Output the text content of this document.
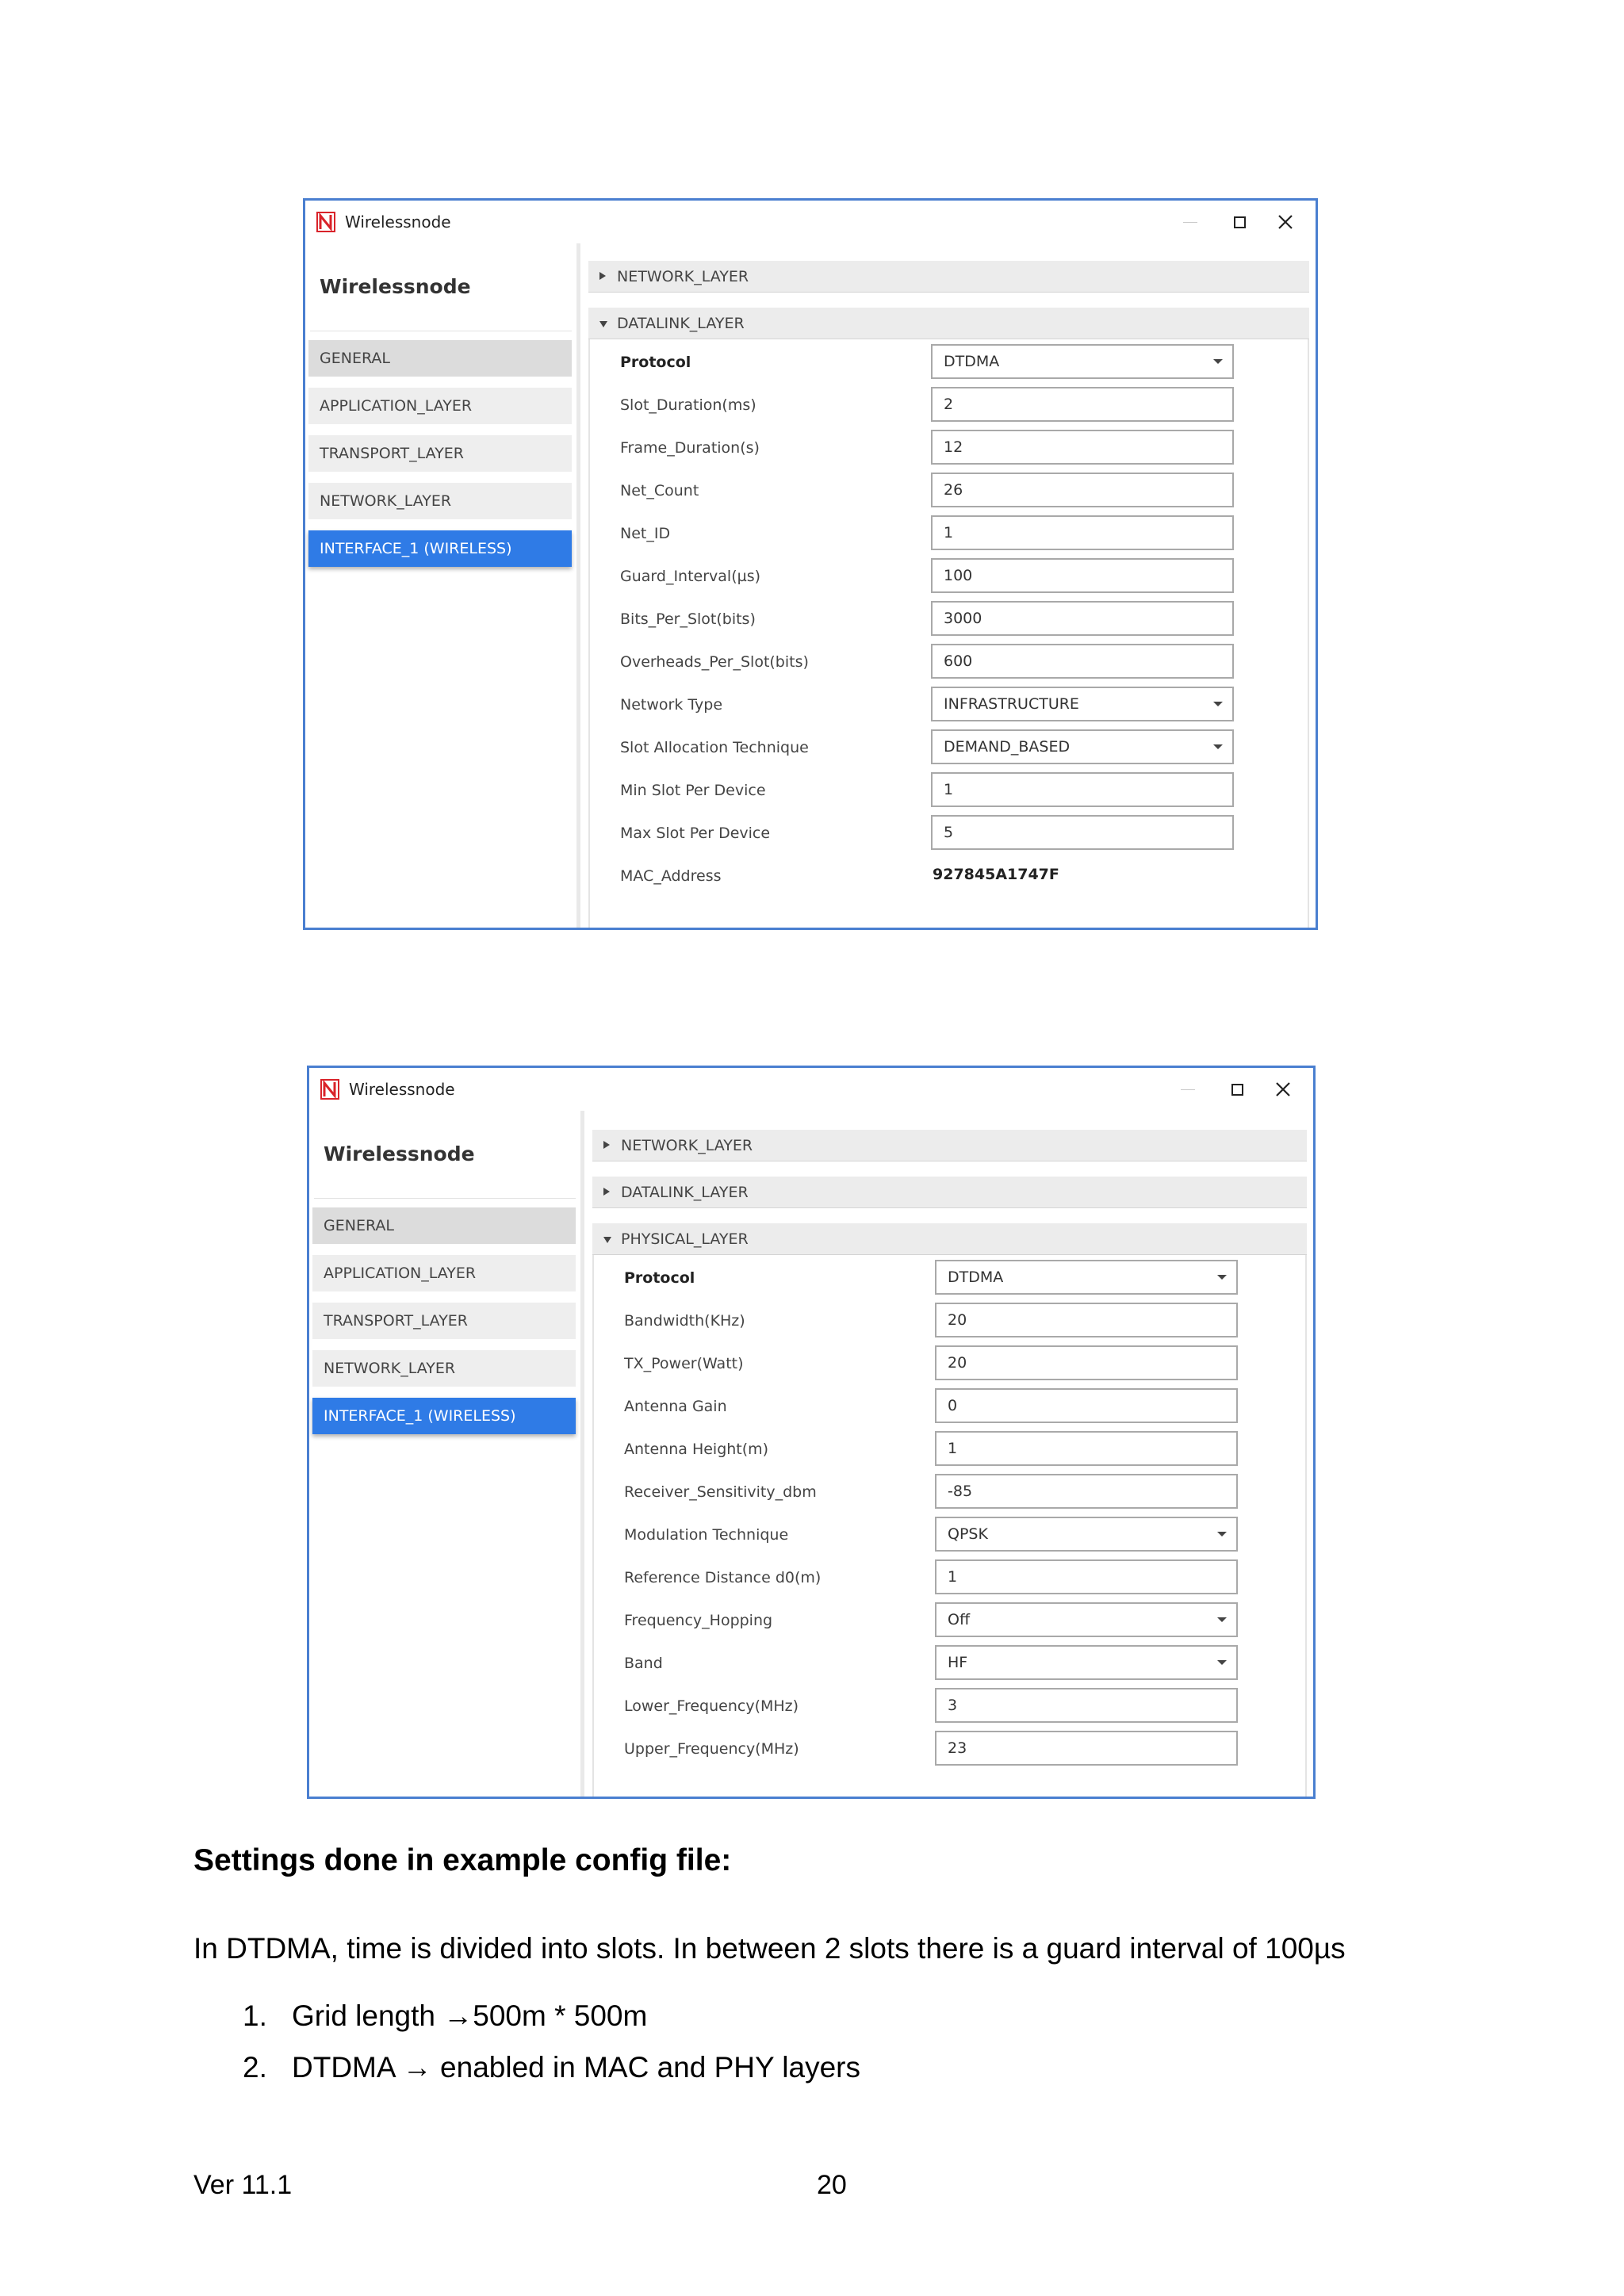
Wirelessnode
Wirelessnode
GENERAL
APPLICATION_LAYER
TRANSPORT_LAYER
NETWORK_LAYER
INTERFACE_1 (WIRELESS)
NETWORK_LAYER
DATALINK_LAYER
Protocol	DTDMA
Slot_Duration(ms)	2
Frame_Duration(s)	12
Net_Count	26
Net_ID	1
Guard_Interval(µs)	100
Bits_Per_Slot(bits)	3000
Overheads_Per_Slot(bits)	600
Network Type	INFRASTRUCTURE
Slot Allocation Technique	DEMAND_BASED
Min Slot Per Device	1
Max Slot Per Device	5
MAC_Address	927845A1747F
Wirelessnode
Wirelessnode
GENERAL
APPLICATION_LAYER
TRANSPORT_LAYER
NETWORK_LAYER
INTERFACE_1 (WIRELESS)
NETWORK_LAYER
DATALINK_LAYER
PHYSICAL_LAYER
Protocol	DTDMA
Bandwidth(KHz)	20
TX_Power(Watt)	20
Antenna Gain	0
Antenna Height(m)	1
Receiver_Sensitivity_dbm	-85
Modulation Technique	QPSK
Reference Distance d0(m)	1
Frequency_Hopping	Off
Band	HF
Lower_Frequency(MHz)	3
Upper_Frequency(MHz)	23
Settings done in example config file:
In DTDMA, time is divided into slots. In between 2 slots there is a guard interval of 100µs
1. Grid length →500m * 500m
2. DTDMA → enabled in MAC and PHY layers
Ver 11.1	20
